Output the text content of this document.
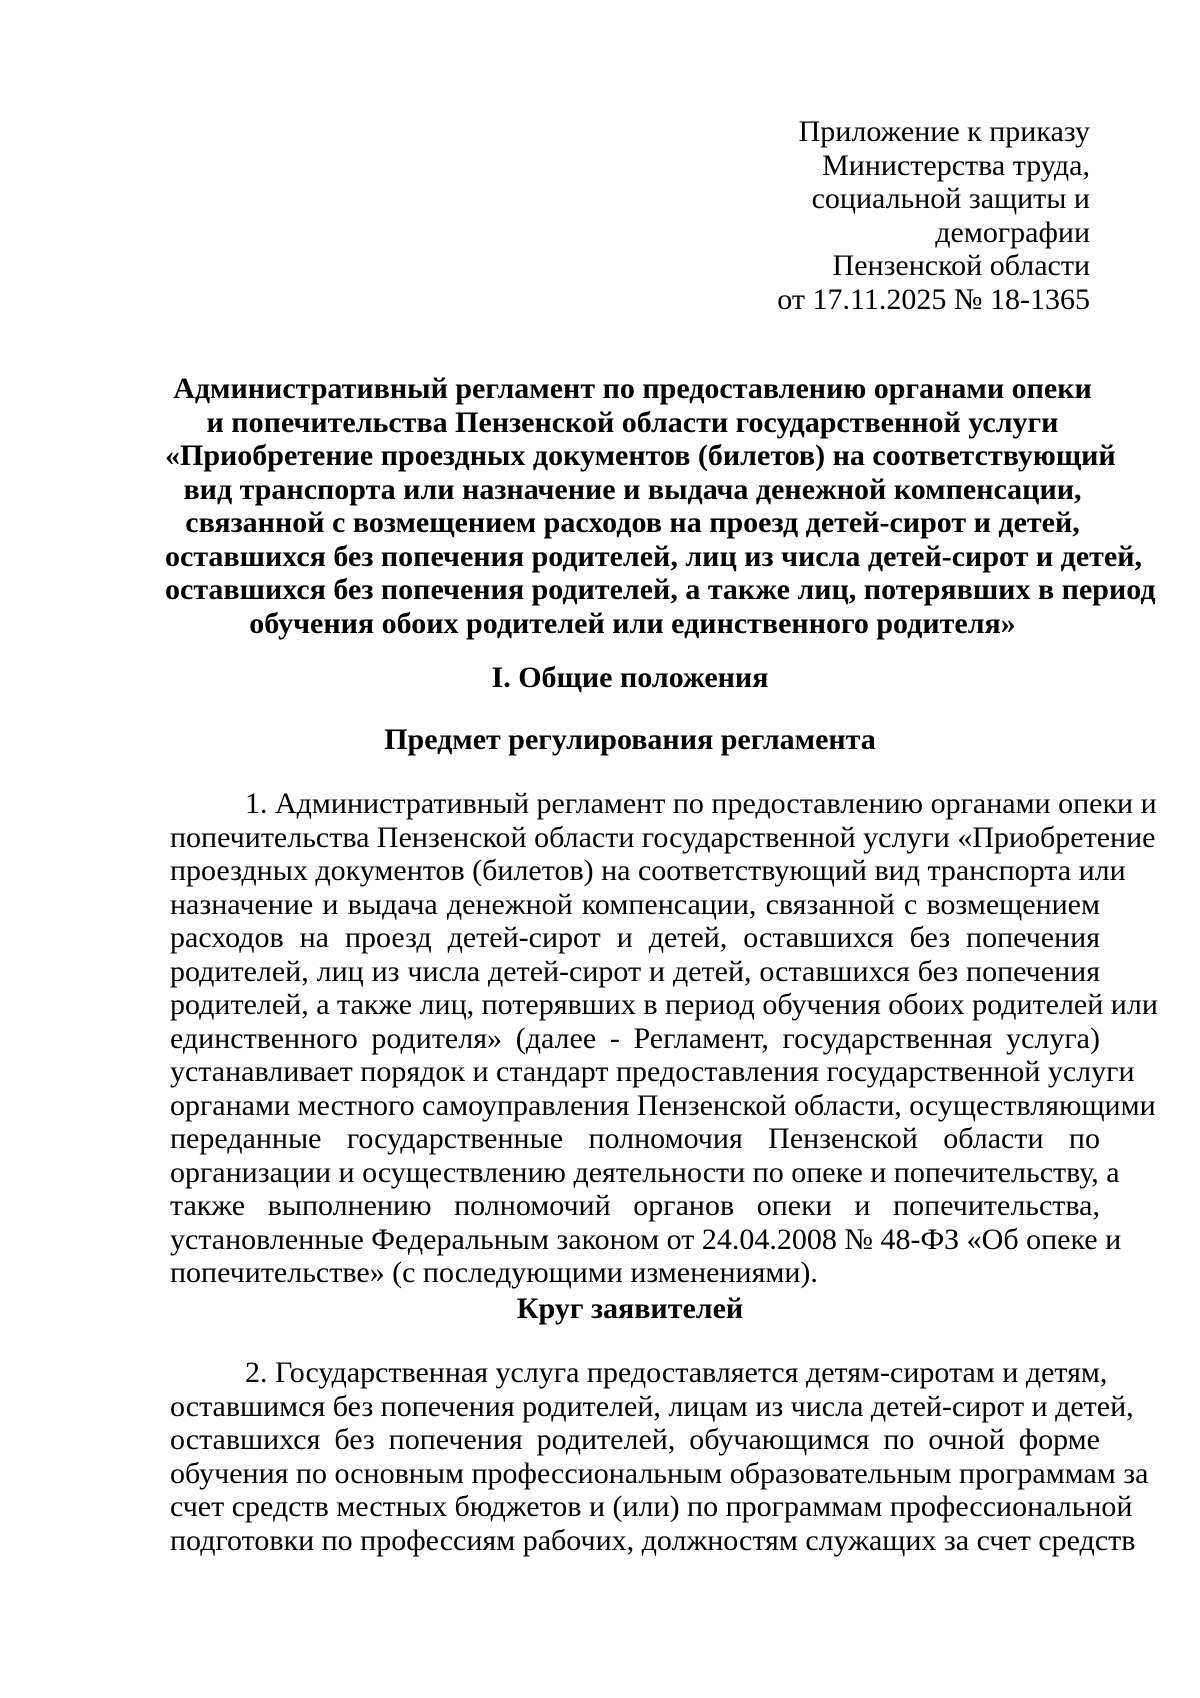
Приложение к приказу
Министерства труда,
социальной защиты и
демографии
Пензенской области
от 17.11.2025 № 18-1365
Административный регламент по предоставлению органами опеки
и попечительства Пензенской области государственной услуги
«Приобретение проездных документов (билетов) на соответствующий
вид транспорта или назначение и выдача денежной компенсации,
связанной с возмещением расходов на проезд детей-сирот и детей,
оставшихся без попечения родителей, лиц из числа детей-сирот и детей,
оставшихся без попечения родителей, а также лиц, потерявших в период
обучения обоих родителей или единственного родителя»
I. Общие положения
Предмет регулирования регламента
1. Административный регламент по предоставлению органами опеки и
попечительства Пензенской области государственной услуги «Приобретение
проездных документов (билетов) на соответствующий вид транспорта или
назначение и выдача денежной компенсации, связанной с возмещением
расходов на проезд детей-сирот и детей, оставшихся без попечения
родителей, лиц из числа детей-сирот и детей, оставшихся без попечения
родителей, а также лиц, потерявших в период обучения обоих родителей или
единственного родителя» (далее - Регламент, государственная услуга)
устанавливает порядок и стандарт предоставления государственной услуги
органами местного самоуправления Пензенской области, осуществляющими
переданные государственные полномочия Пензенской области по
организации и осуществлению деятельности по опеке и попечительству, а
также выполнению полномочий органов опеки и попечительства,
установленные Федеральным законом от 24.04.2008 № 48-ФЗ «Об опеке и
попечительстве» (с последующими изменениями).
Круг заявителей
2. Государственная услуга предоставляется детям-сиротам и детям,
оставшимся без попечения родителей, лицам из числа детей-сирот и детей,
оставшихся без попечения родителей, обучающимся по очной форме
обучения по основным профессиональным образовательным программам за
счет средств местных бюджетов и (или) по программам профессиональной
подготовки по профессиям рабочих, должностям служащих за счет средств
